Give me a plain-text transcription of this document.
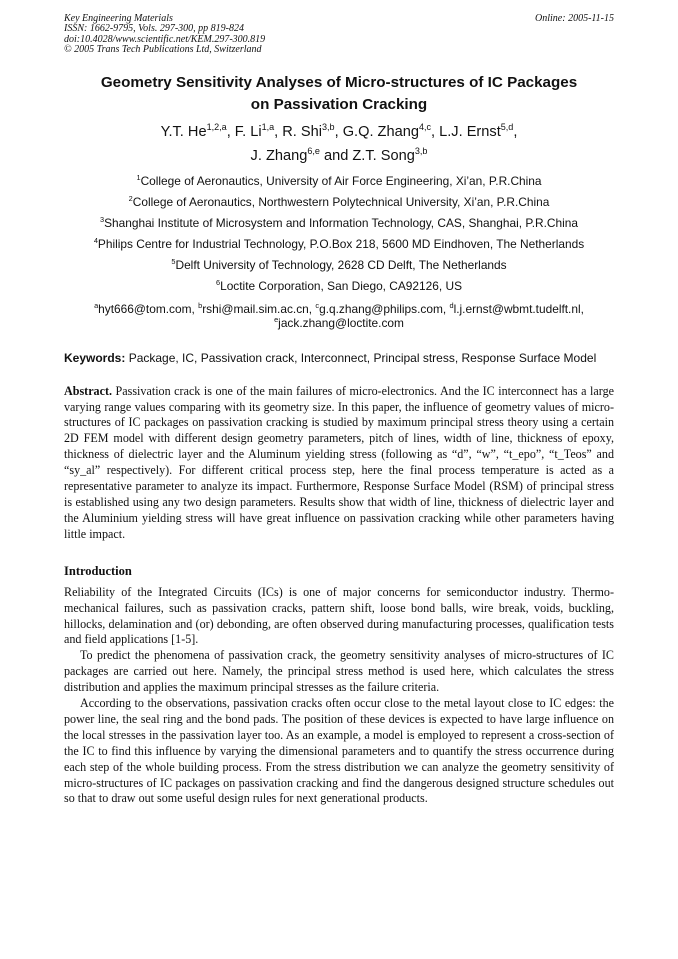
Key Engineering Materials
ISSN: 1662-9795, Vols. 297-300, pp 819-824
doi:10.4028/www.scientific.net/KEM.297-300.819
© 2005 Trans Tech Publications Ltd, Switzerland
Online: 2005-11-15
Geometry Sensitivity Analyses of Micro-structures of IC Packages
on Passivation Cracking
Y.T. He$^{1,2,a}$, F. Li$^{1,a}$, R. Shi$^{3,b}$, G.Q. Zhang$^{4,c}$, L.J. Ernst$^{5,d}$,
J. Zhang$^{6,e}$ and Z.T. Song$^{3,b}$
$^1$College of Aeronautics, University of Air Force Engineering, Xi’an, P.R.China
$^2$College of Aeronautics, Northwestern Polytechnical University, Xi’an, P.R.China
$^3$Shanghai Institute of Microsystem and Information Technology, CAS, Shanghai, P.R.China
$^4$Philips Centre for Industrial Technology, P.O.Box 218, 5600 MD Eindhoven, The Netherlands
$^5$Delft University of Technology, 2628 CD Delft, The Netherlands
$^6$Loctite Corporation, San Diego, CA92126, US
$^a$hyt666@tom.com, $^b$rshi@mail.sim.ac.cn, $^c$g.q.zhang@philips.com, $^d$l.j.ernst@wbmt.tudelft.nl,
$^e$jack.zhang@loctite.com
Keywords: Package, IC, Passivation crack, Interconnect, Principal stress, Response Surface Model

Abstract. Passivation crack is one of the main failures of micro-electronics. And the IC interconnect has a large varying range values comparing with its geometry size. In this paper, the influence of geometry values of micro-structures of IC packages on passivation cracking is studied by maximum principal stress theory using a certain 2D FEM model with different design geometry parameters, pitch of lines, width of line, thickness of epoxy, thickness of dielectric layer and the Aluminum yielding stress (following as “d”, “w”, “t_epo”, “t_Teos” and “sy_al” respectively). For different critical process step, here the final process temperature is acted as a representative parameter to analyze its impact. Furthermore, Response Surface Model (RSM) of principal stress is established using any two design parameters. Results show that width of line, thickness of dielectric layer and the Aluminium yielding stress will have great influence on passivation cracking while other parameters having little impact.

Introduction

Reliability of the Integrated Circuits (ICs) is one of major concerns for semiconductor industry. Thermo-mechanical failures, such as passivation cracks, pattern shift, loose bond balls, wire break, voids, buckling, hillocks, delamination and (or) debonding, are often observed during manufacturing processes, qualification tests and field applications [1-5].

To predict the phenomena of passivation crack, the geometry sensitivity analyses of micro-structures of IC packages are carried out here. Namely, the principal stress method is used here, which calculates the stress distribution and applies the maximum principal stresses as the failure criteria.

According to the observations, passivation cracks often occur close to the metal layout close to IC edges: the power line, the seal ring and the bond pads. The position of these devices is expected to have large influence on the local stresses in the passivation layer too. As an example, a model is employed to represent a cross-section of the IC to find this influence by varying the dimensional parameters and to quantify the stress occurrence during each step of the whole building process. From the stress distribution we can analyze the geometry sensitivity of micro-structures of IC packages on passivation cracking and find the dangerous designed structure schedules out so that to draw out some useful design rules for next generational products.
